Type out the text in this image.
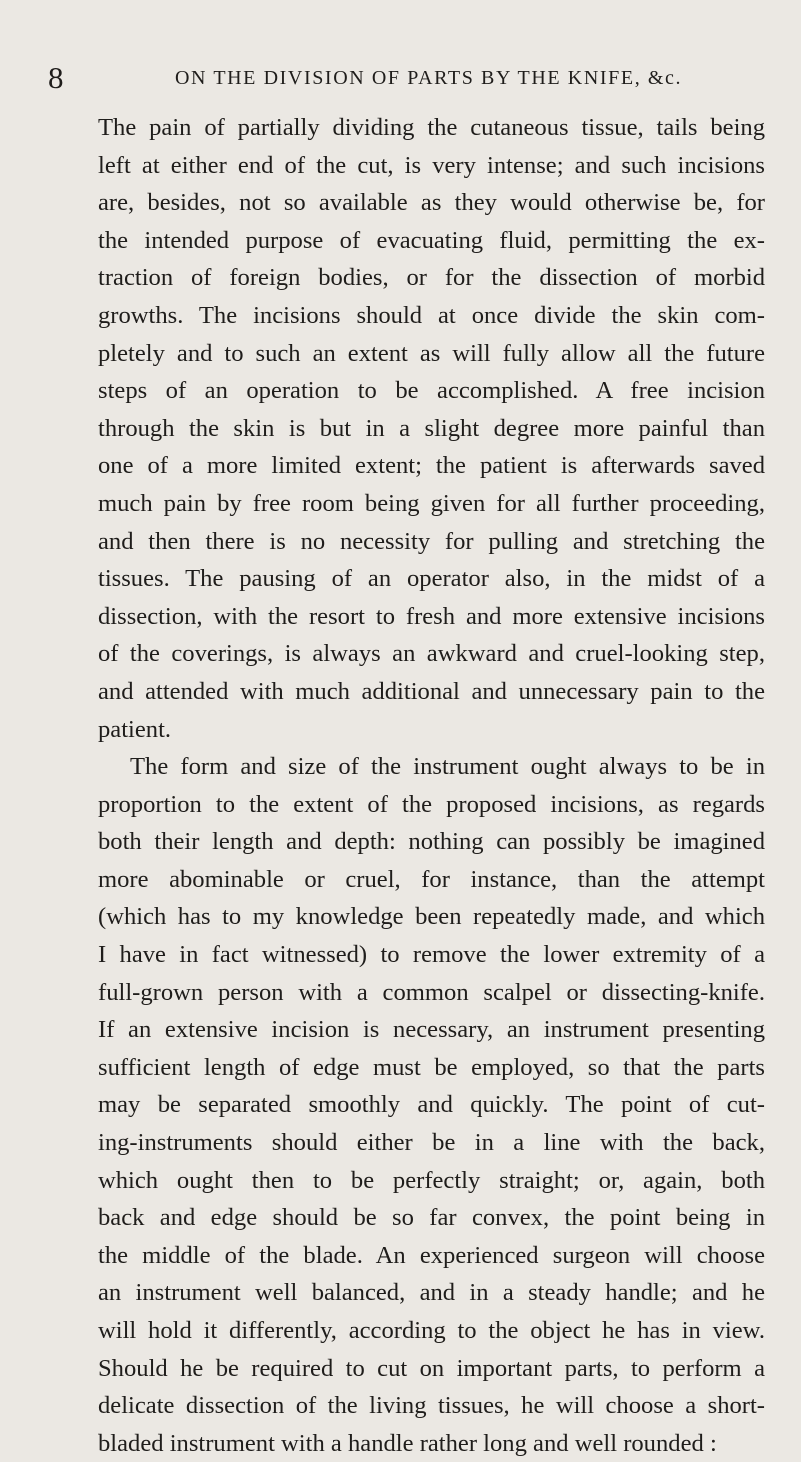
8	ON THE DIVISION OF PARTS BY THE KNIFE, &c.
The pain of partially dividing the cutaneous tissue, tails being
left at either end of the cut, is very intense; and such incisions
are, besides, not so available as they would otherwise be, for
the intended purpose of evacuating fluid, permitting the ex-
traction of foreign bodies, or for the dissection of morbid
growths. The incisions should at once divide the skin com-
pletely and to such an extent as will fully allow all the future
steps of an operation to be accomplished. A free incision
through the skin is but in a slight degree more painful than
one of a more limited extent; the patient is afterwards saved
much pain by free room being given for all further proceeding,
and then there is no necessity for pulling and stretching the
tissues. The pausing of an operator also, in the midst of a
dissection, with the resort to fresh and more extensive incisions
of the coverings, is always an awkward and cruel-looking step,
and attended with much additional and unnecessary pain to the
patient.
The form and size of the instrument ought always to be in
proportion to the extent of the proposed incisions, as regards
both their length and depth: nothing can possibly be imagined
more abominable or cruel, for instance, than the attempt
(which has to my knowledge been repeatedly made, and which
I have in fact witnessed) to remove the lower extremity of a
full-grown person with a common scalpel or dissecting-knife.
If an extensive incision is necessary, an instrument presenting
sufficient length of edge must be employed, so that the parts
may be separated smoothly and quickly. The point of cut-
ing-instruments should either be in a line with the back,
which ought then to be perfectly straight; or, again, both
back and edge should be so far convex, the point being in
the middle of the blade. An experienced surgeon will choose
an instrument well balanced, and in a steady handle; and he
will hold it differently, according to the object he has in view.
Should he be required to cut on important parts, to perform a
delicate dissection of the living tissues, he will choose a short-
bladed instrument with a handle rather long and well rounded :
